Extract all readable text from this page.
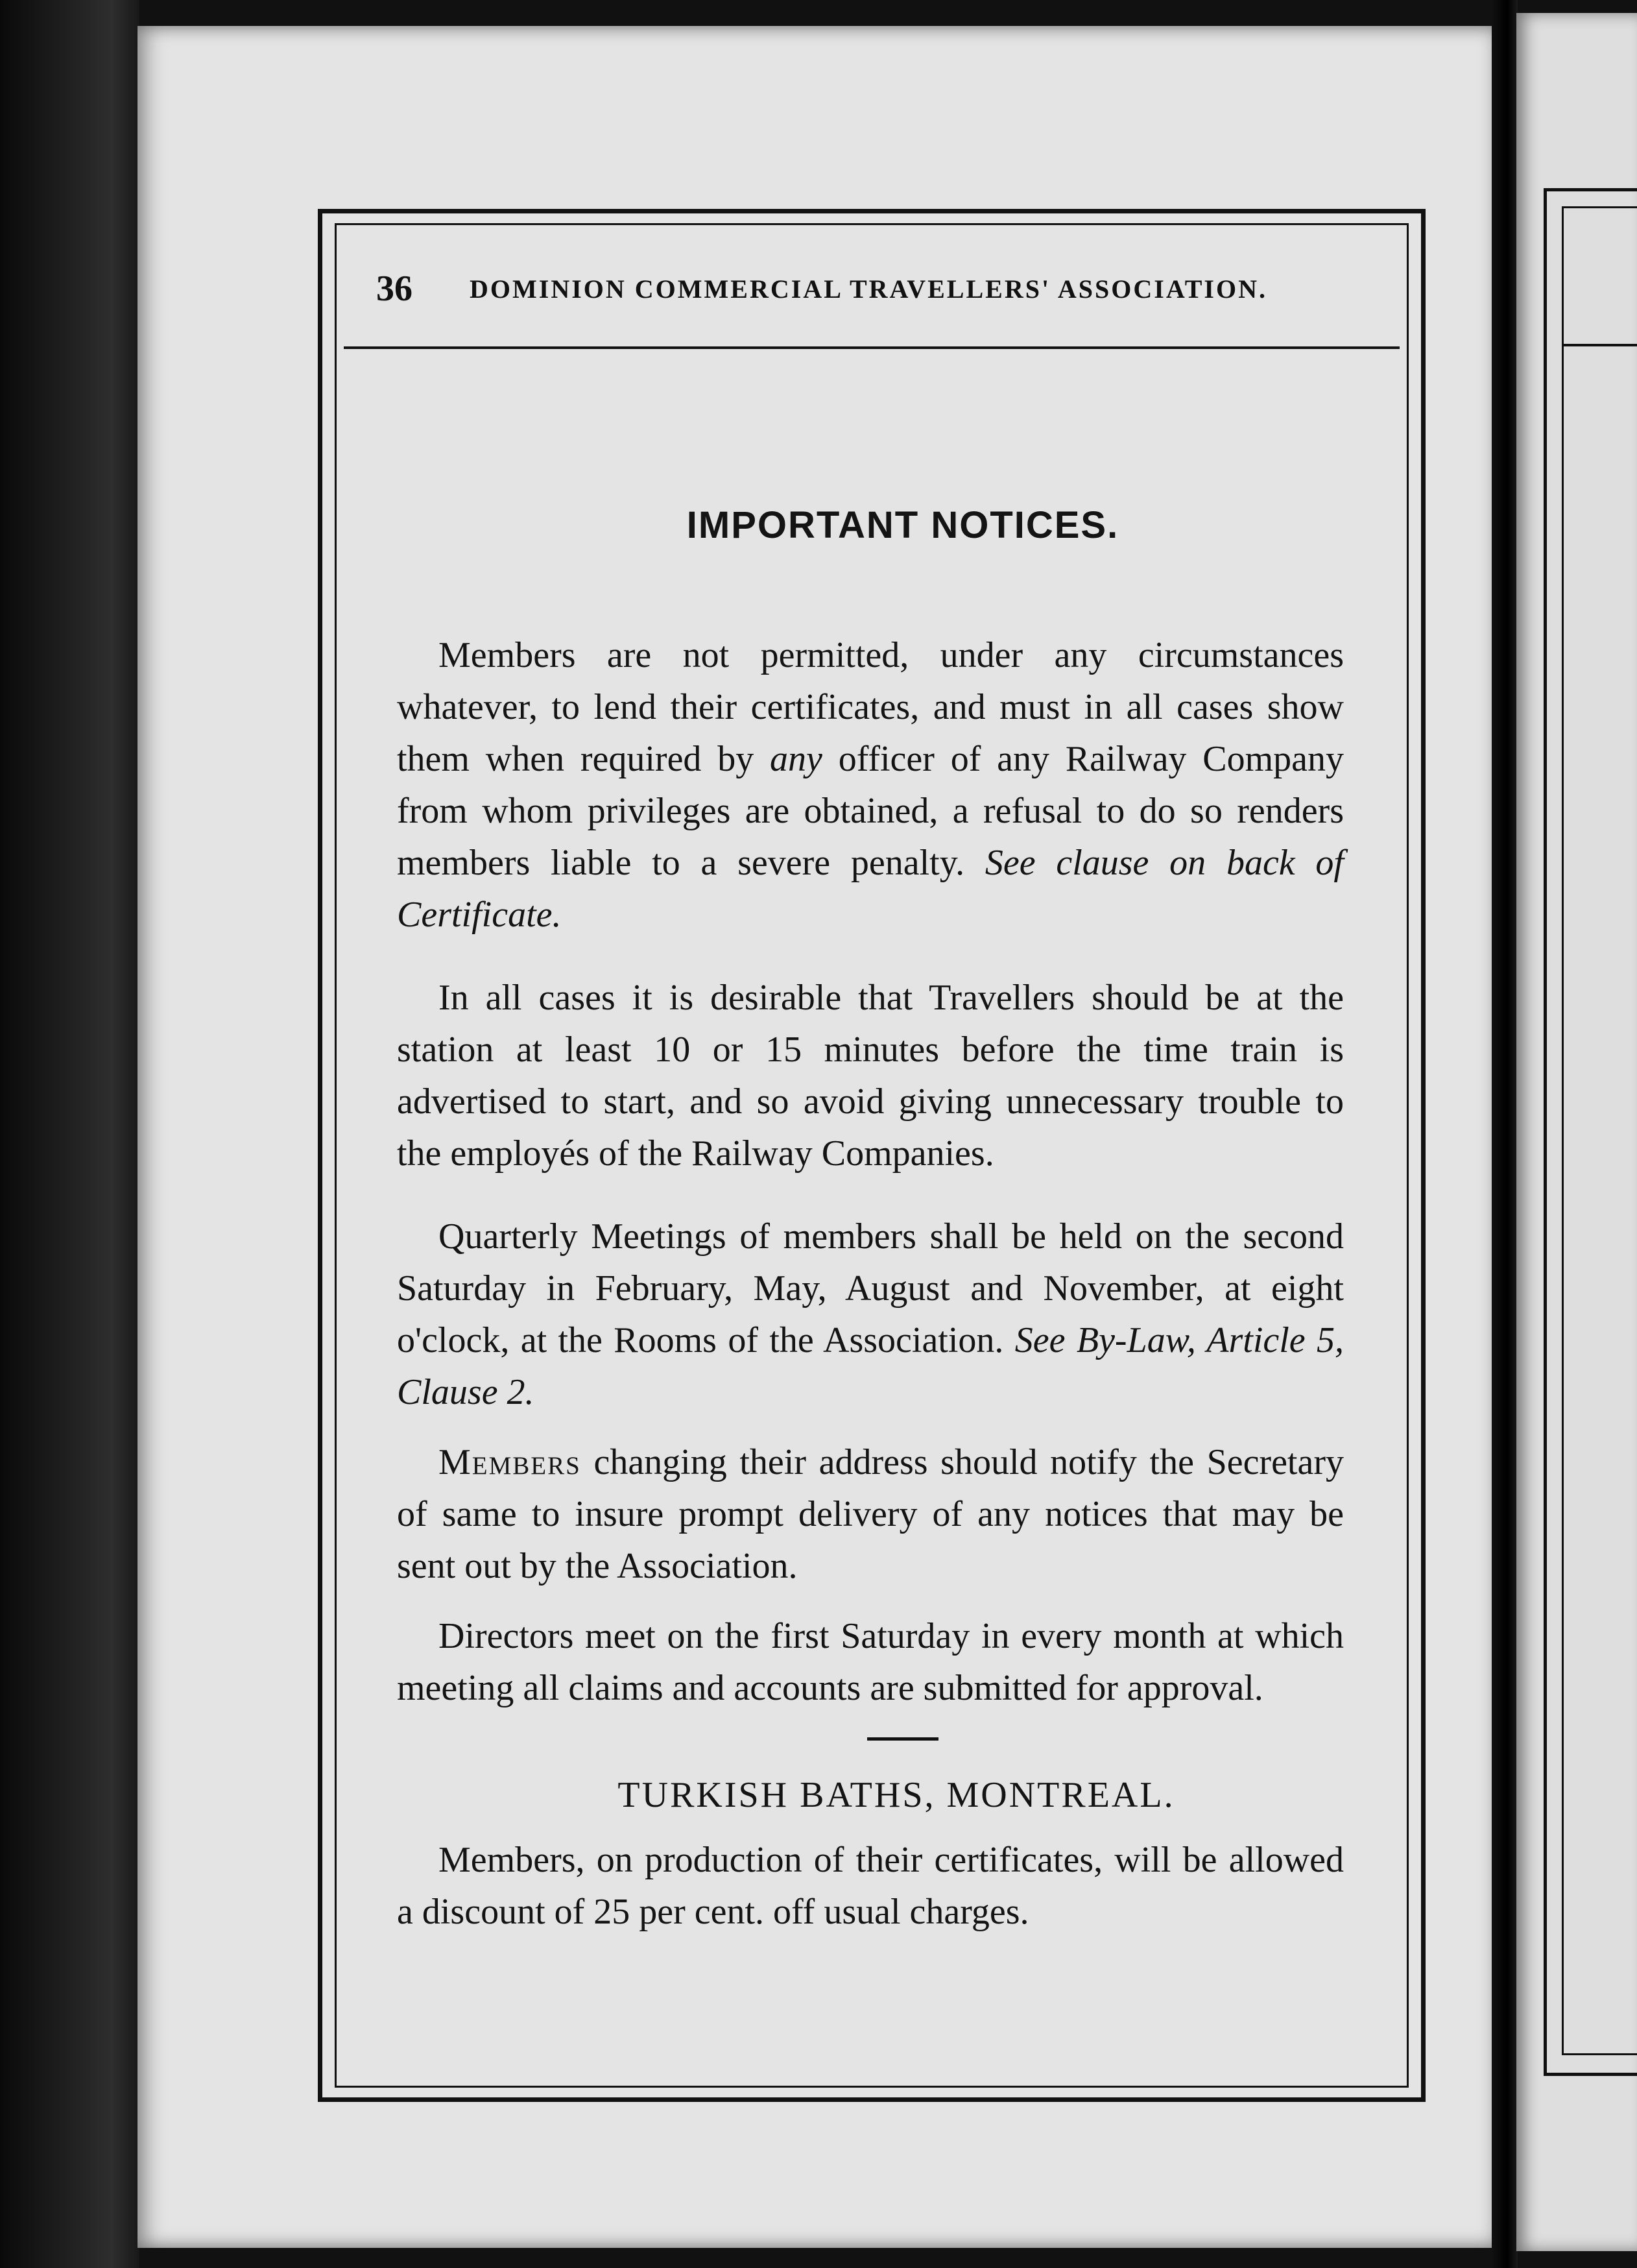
36 DOMINION COMMERCIAL TRAVELLERS' ASSOCIATION.
IMPORTANT NOTICES.

Members are not permitted, under any circumstances whatever, to lend their certificates, and must in all cases show them when required by any officer of any Railway Company from whom privileges are obtained, a refusal to do so renders members liable to a severe penalty. See clause on back of Certificate.

In all cases it is desirable that Travellers should be at the station at least 10 or 15 minutes before the time train is advertised to start, and so avoid giving unnecessary trouble to the employés of the Railway Companies.

Quarterly Meetings of members shall be held on the second Saturday in February, May, August and November, at eight o'clock, at the Rooms of the Association. See By-Law, Article 5, Clause 2.

Members changing their address should notify the Secretary of same to insure prompt delivery of any notices that may be sent out by the Association.

Directors meet on the first Saturday in every month at which meeting all claims and accounts are submitted for approval.

TURKISH BATHS, MONTREAL.

Members, on production of their certificates, will be allowed a discount of 25 per cent. off usual charges.
